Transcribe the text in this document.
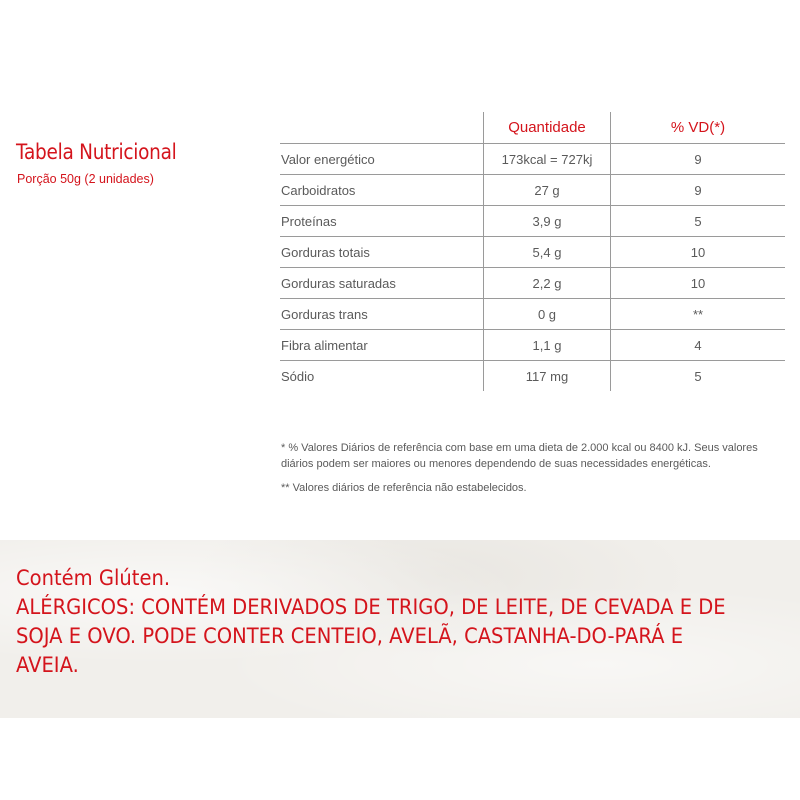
Tabela Nutricional
Porção 50g (2 unidades)
	Quantidade	% VD(*)
Valor energético	173kcal = 727kj	9
Carboidratos	27 g	9
Proteínas	3,9 g	5
Gorduras totais	5,4 g	10
Gorduras saturadas	2,2 g	10
Gorduras trans	0 g	**
Fibra alimentar	1,1 g	4
Sódio	117 mg	5

* % Valores Diários de referência com base em uma dieta de 2.000 kcal ou 8400 kJ. Seus valores diários podem ser maiores ou menores dependendo de suas necessidades energéticas.

** Valores diários de referência não estabelecidos.

Contém Glúten.
ALÉRGICOS: CONTÉM DERIVADOS DE TRIGO, DE LEITE, DE CEVADA E DE
SOJA E OVO. PODE CONTER CENTEIO, AVELÃ, CASTANHA-DO-PARÁ E
AVEIA.
